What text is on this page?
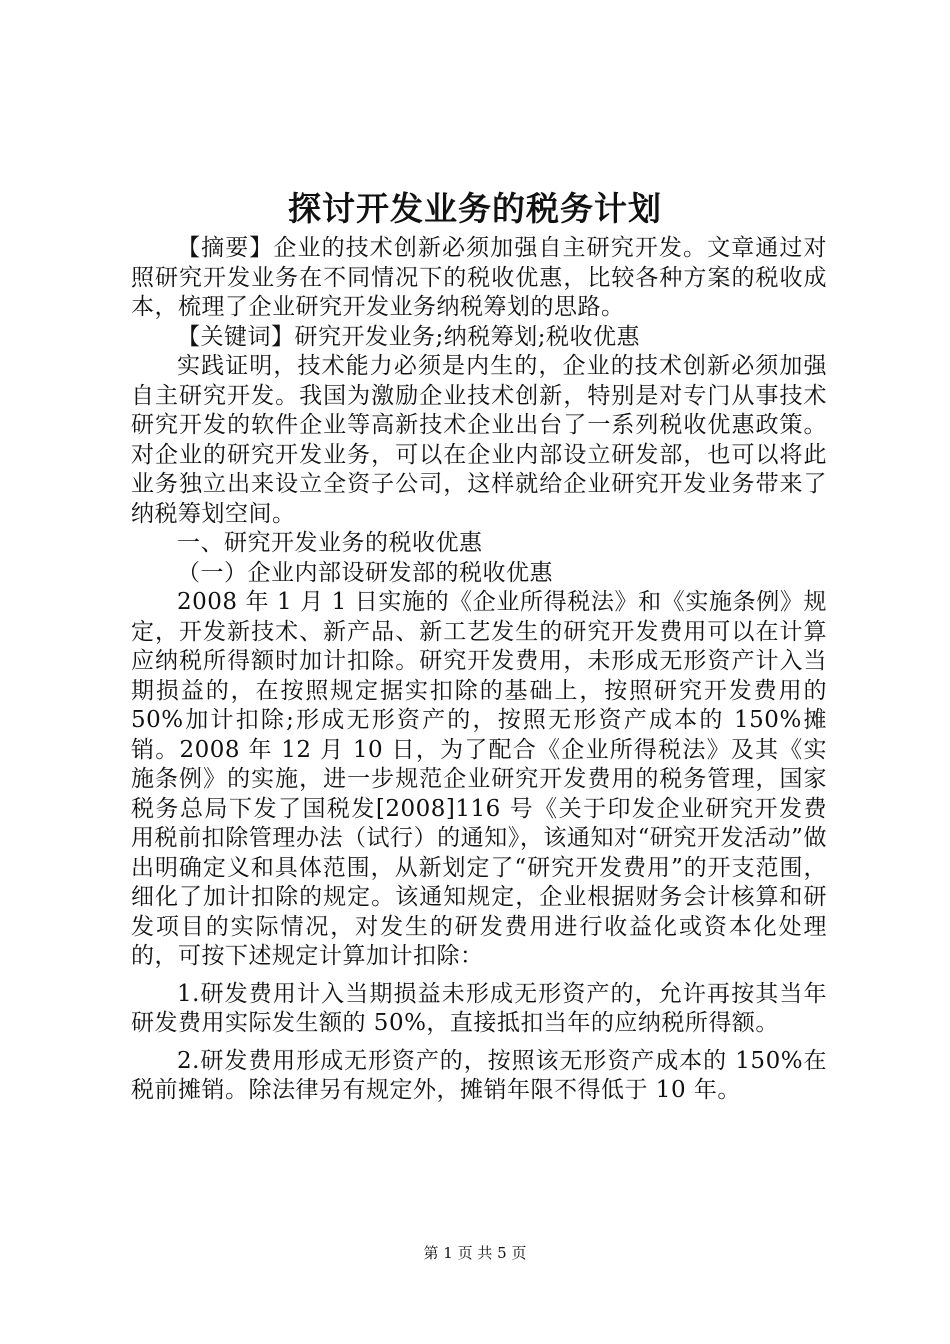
探讨开发业务的税务计划

【摘要】企业的技术创新必须加强自主研究开发。文章通过对照研究开发业务在不同情况下的税收优惠，比较各种方案的税收成本，梳理了企业研究开发业务纳税筹划的思路。

【关键词】研究开发业务;纳税筹划;税收优惠

实践证明，技术能力必须是内生的，企业的技术创新必须加强自主研究开发。我国为激励企业技术创新，特别是对专门从事技术研究开发的软件企业等高新技术企业出台了一系列税收优惠政策。对企业的研究开发业务，可以在企业内部设立研发部，也可以将此业务独立出来设立全资子公司，这样就给企业研究开发业务带来了纳税筹划空间。

一、研究开发业务的税收优惠

（一）企业内部设研发部的税收优惠

2008 年 1 月 1 日实施的《企业所得税法》和《实施条例》规定，开发新技术、新产品、新工艺发生的研究开发费用可以在计算应纳税所得额时加计扣除。研究开发费用，未形成无形资产计入当期损益的，在按照规定据实扣除的基础上，按照研究开发费用的 50%加计扣除;形成无形资产的，按照无形资产成本的 150%摊销。2008 年 12 月 10 日，为了配合《企业所得税法》及其《实施条例》的实施，进一步规范企业研究开发费用的税务管理，国家税务总局下发了国税发[2008]116 号《关于印发企业研究开发费用税前扣除管理办法（试行）的通知》，该通知对“研究开发活动”做出明确定义和具体范围，从新划定了“研究开发费用”的开支范围，细化了加计扣除的规定。该通知规定，企业根据财务会计核算和研发项目的实际情况，对发生的研发费用进行收益化或资本化处理的，可按下述规定计算加计扣除：

1.研发费用计入当期损益未形成无形资产的，允许再按其当年研发费用实际发生额的 50%，直接抵扣当年的应纳税所得额。

2.研发费用形成无形资产的，按照该无形资产成本的 150%在税前摊销。除法律另有规定外，摊销年限不得低于 10 年。

第 1 页 共 5 页
